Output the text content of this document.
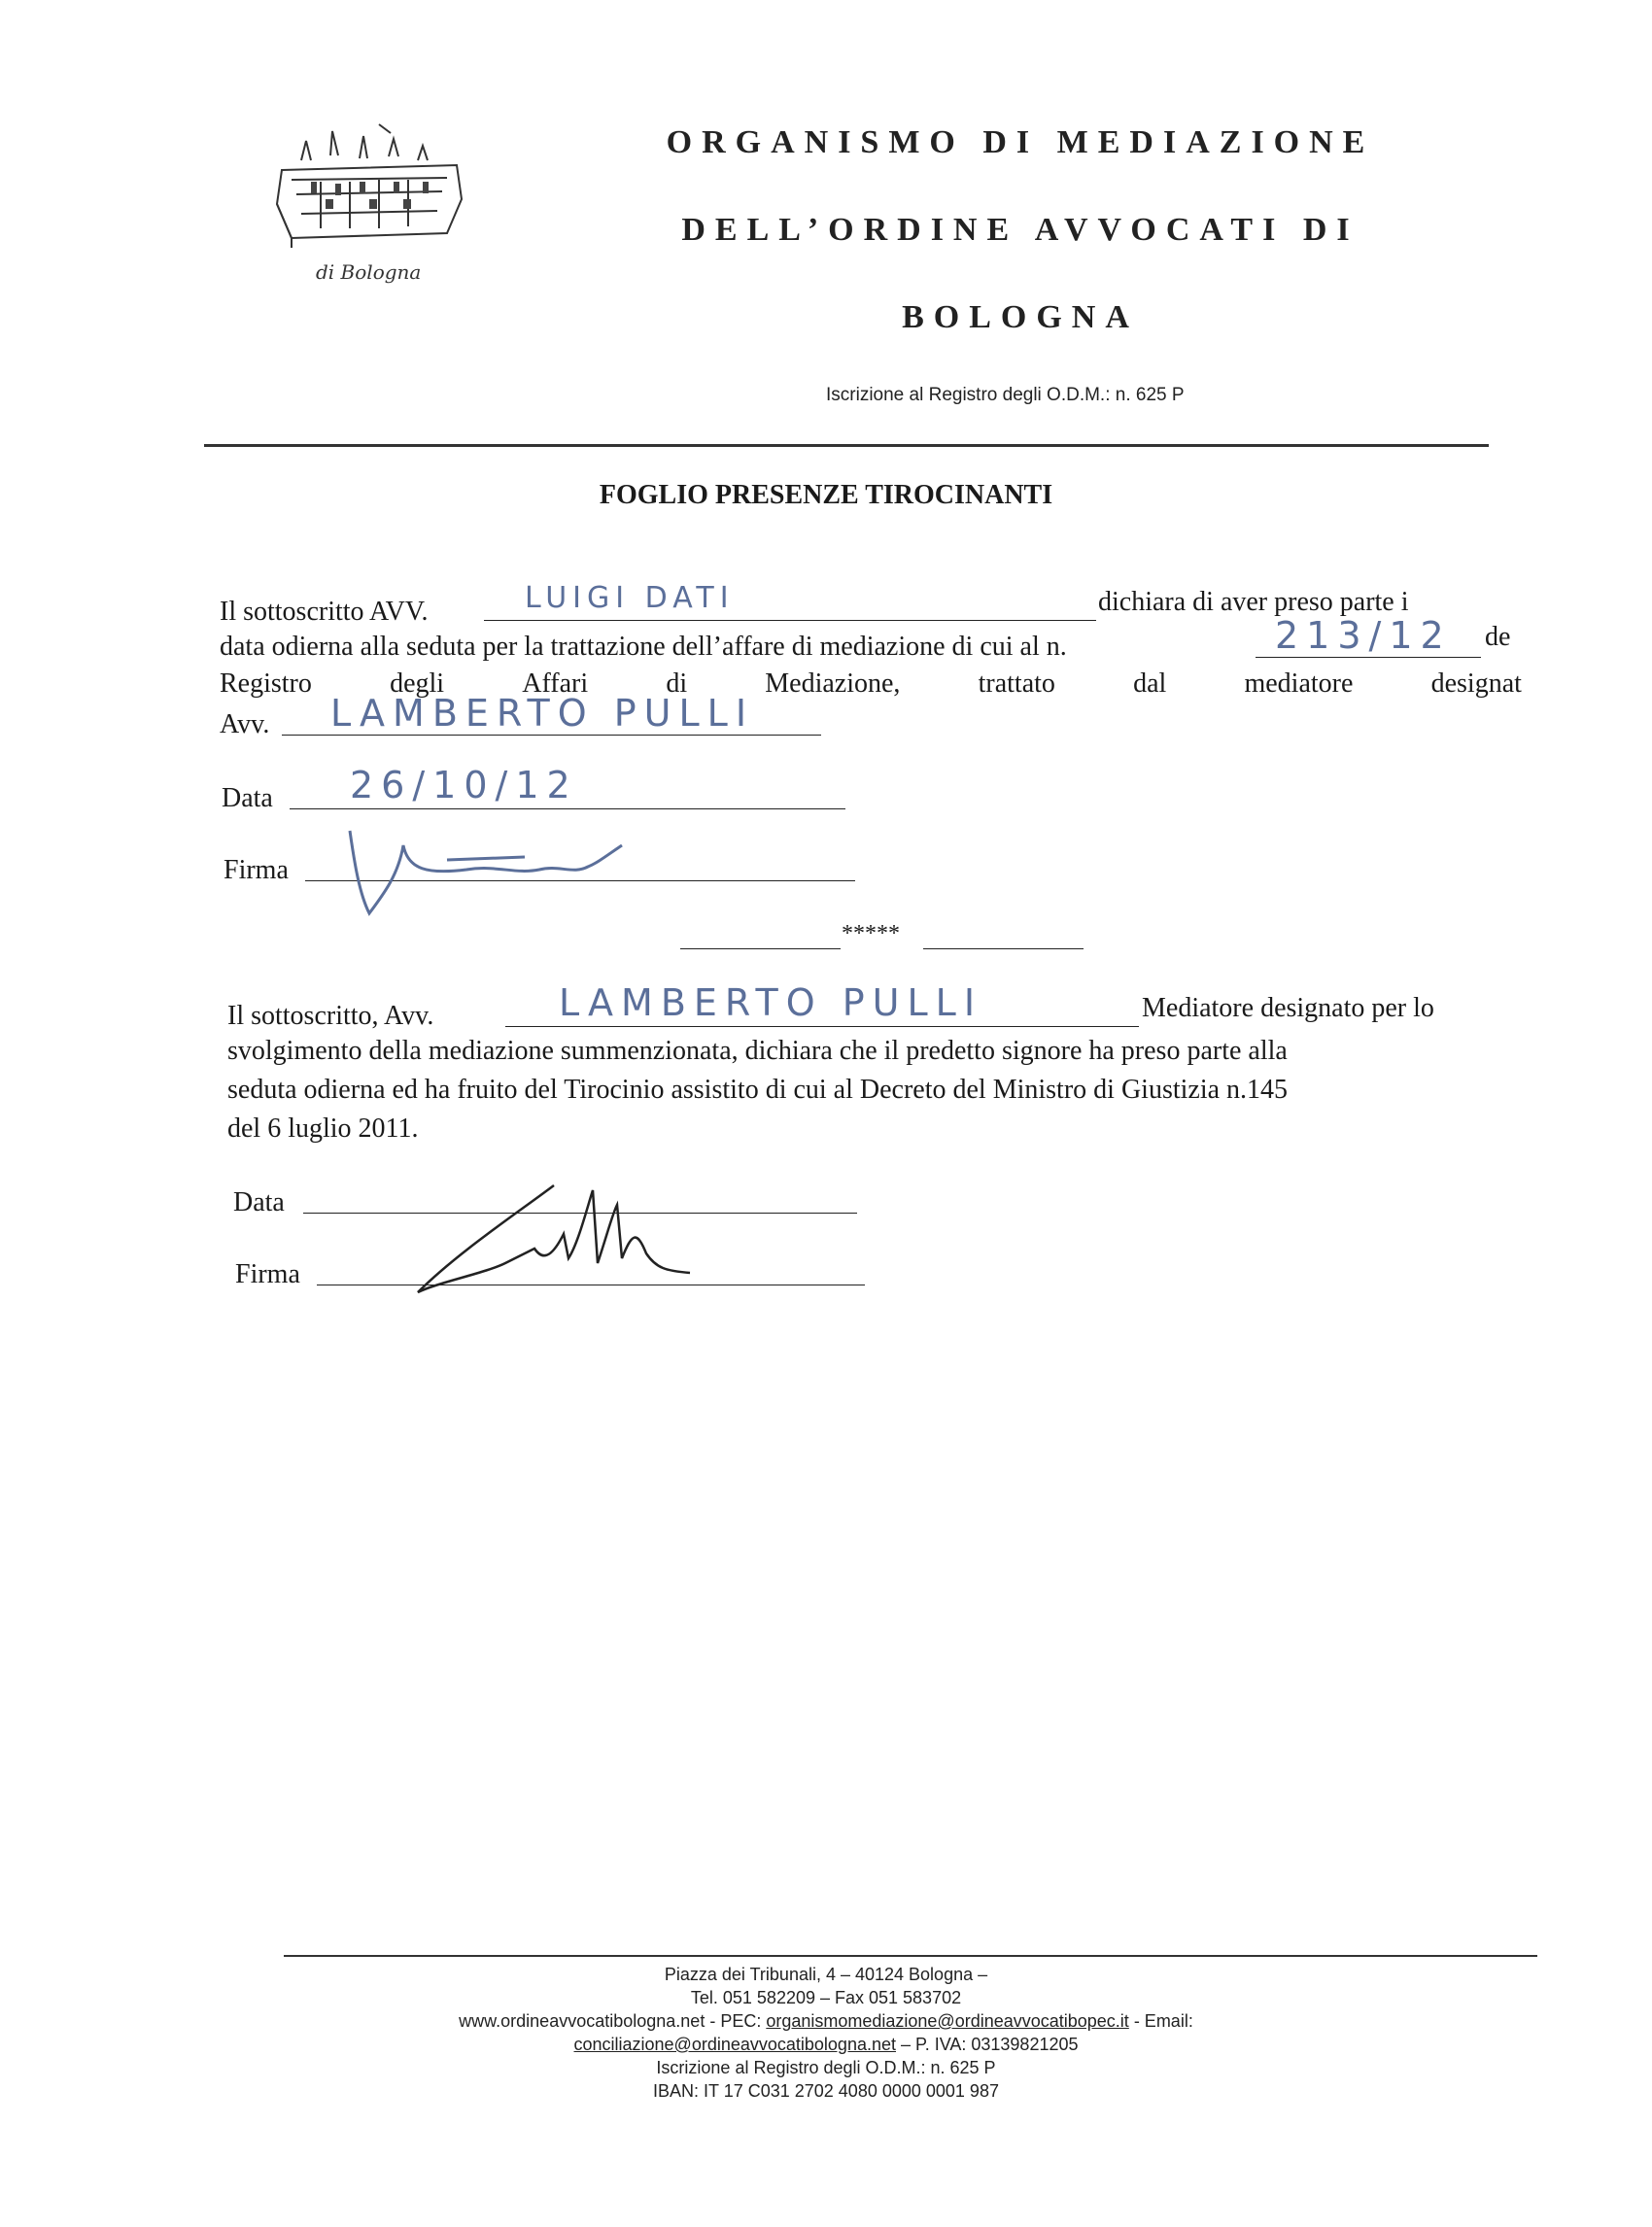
di Bologna
ORGANISMO DI MEDIAZIONE
DELL’ORDINE AVVOCATI DI
BOLOGNA
Iscrizione al Registro degli O.D.M.: n. 625 P
FOGLIO PRESENZE TIROCINANTI
Il sottoscritto AVV.	LUIGI DATI	dichiara di aver preso parte i
data odierna alla seduta per la trattazione dell’affare di mediazione di cui al n.	213/12 de
Registro	degli	Affari	di	Mediazione,	trattato	dal	mediatore	designat
Avv. LAMBERTO PULLI
Data 26/10/12
Firma
*****
Il sottoscritto, Avv.	LAMBERTO PULLI	Mediatore designato per lo
svolgimento della mediazione summenzionata, dichiara che il predetto signore ha preso parte alla
seduta odierna ed ha fruito del Tirocinio assistito di cui al Decreto del Ministro di Giustizia n.145
del 6 luglio 2011.
Data
Firma
Piazza dei Tribunali, 4 – 40124 Bologna –
Tel. 051 582209 – Fax 051 583702
www.ordineavvocatibologna.net - PEC: organismomediazione@ordineavvocatibopec.it - Email:
conciliazione@ordineavvocatibologna.net – P. IVA: 03139821205
Iscrizione al Registro degli O.D.M.: n. 625 P
IBAN: IT 17 C031 2702 4080 0000 0001 987
